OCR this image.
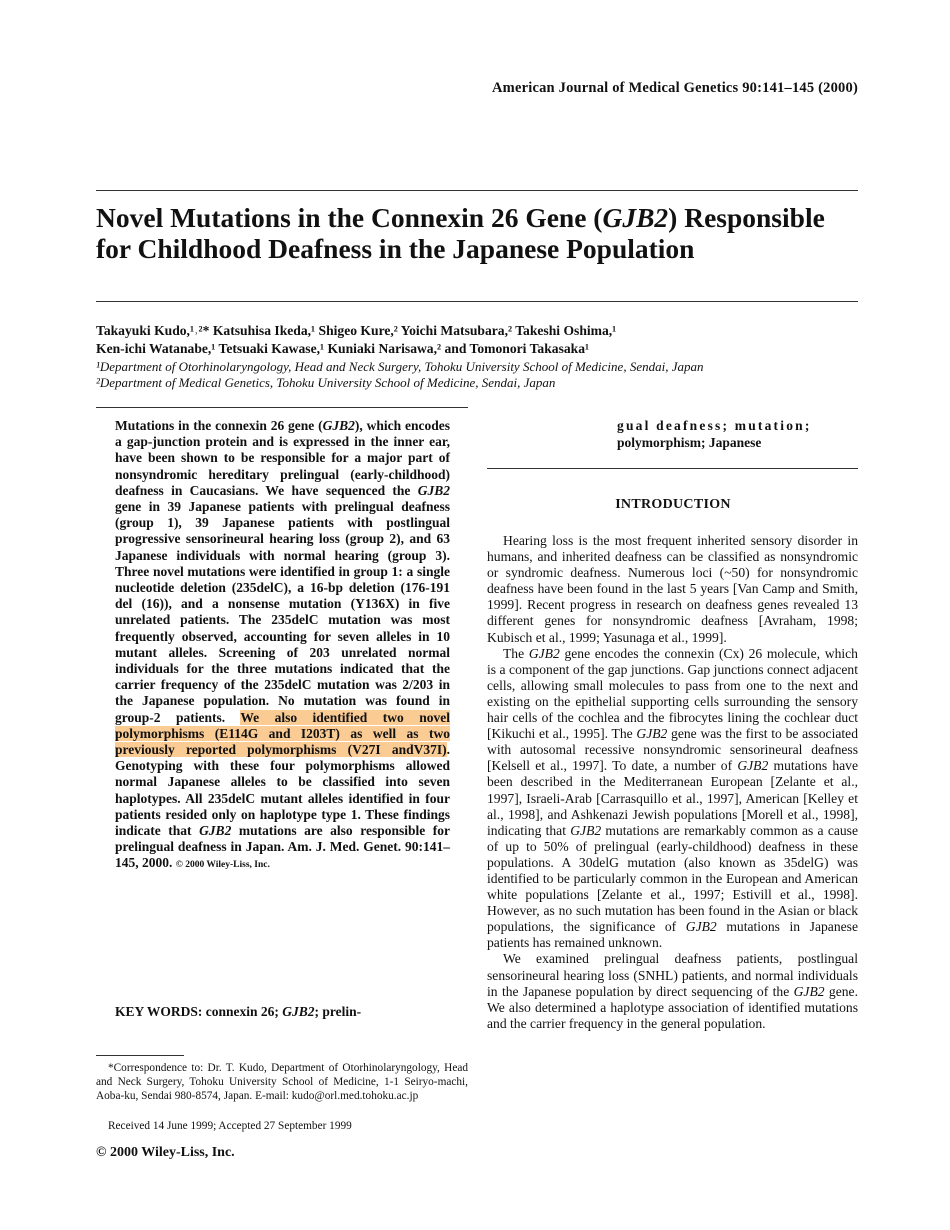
American Journal of Medical Genetics 90:141–145 (2000)
Novel Mutations in the Connexin 26 Gene (GJB2) Responsible for Childhood Deafness in the Japanese Population
Takayuki Kudo,¹˒²* Katsuhisa Ikeda,¹ Shigeo Kure,² Yoichi Matsubara,² Takeshi Oshima,¹
Ken-ichi Watanabe,¹ Tetsuaki Kawase,¹ Kuniaki Narisawa,² and Tomonori Takasaka¹
¹Department of Otorhinolaryngology, Head and Neck Surgery, Tohoku University School of Medicine, Sendai, Japan
²Department of Medical Genetics, Tohoku University School of Medicine, Sendai, Japan

Mutations in the connexin 26 gene (GJB2), which encodes a gap-junction protein and is expressed in the inner ear, have been shown to be responsible for a major part of nonsyndromic hereditary prelingual (early-childhood) deafness in Caucasians. We have sequenced the GJB2 gene in 39 Japanese patients with prelingual deafness (group 1), 39 Japanese patients with postlingual progressive sensorineural hearing loss (group 2), and 63 Japanese individuals with normal hearing (group 3). Three novel mutations were identified in group 1: a single nucleotide deletion (235delC), a 16-bp deletion (176-191 del (16)), and a nonsense mutation (Y136X) in five unrelated patients. The 235delC mutation was most frequently observed, accounting for seven alleles in 10 mutant alleles. Screening of 203 unrelated normal individuals for the three mutations indicated that the carrier frequency of the 235delC mutation was 2/203 in the Japanese population. No mutation was found in group-2 patients. We also identified two novel polymorphisms (E114G and I203T) as well as two previously reported polymorphisms (V27I andV37I). Genotyping with these four polymorphisms allowed normal Japanese alleles to be classified into seven haplotypes. All 235delC mutant alleles identified in four patients resided only on haplotype type 1. These findings indicate that GJB2 mutations are also responsible for prelingual deafness in Japan. Am. J. Med. Genet. 90:141–145, 2000. © 2000 Wiley-Liss, Inc.

KEY WORDS: connexin 26; GJB2; prelin-
gual deafness; mutation;
polymorphism; Japanese
INTRODUCTION

Hearing loss is the most frequent inherited sensory disorder in humans, and inherited deafness can be classified as nonsyndromic or syndromic deafness. Numerous loci (~50) for nonsyndromic deafness have been found in the last 5 years [Van Camp and Smith, 1999]. Recent progress in research on deafness genes revealed 13 different genes for nonsyndromic deafness [Avraham, 1998; Kubisch et al., 1999; Yasunaga et al., 1999].

The GJB2 gene encodes the connexin (Cx) 26 molecule, which is a component of the gap junctions. Gap junctions connect adjacent cells, allowing small molecules to pass from one to the next and existing on the epithelial supporting cells surrounding the sensory hair cells of the cochlea and the fibrocytes lining the cochlear duct [Kikuchi et al., 1995]. The GJB2 gene was the first to be associated with autosomal recessive nonsyndromic sensorineural deafness [Kelsell et al., 1997]. To date, a number of GJB2 mutations have been described in the Mediterranean European [Zelante et al., 1997], Israeli-Arab [Carrasquillo et al., 1997], American [Kelley et al., 1998], and Ashkenazi Jewish populations [Morell et al., 1998], indicating that GJB2 mutations are remarkably common as a cause of up to 50% of prelingual (early-childhood) deafness in these populations. A 30delG mutation (also known as 35delG) was identified to be particularly common in the European and American white populations [Zelante et al., 1997; Estivill et al., 1998]. However, as no such mutation has been found in the Asian or black populations, the significance of GJB2 mutations in Japanese patients has remained unknown.

We examined prelingual deafness patients, postlingual sensorineural hearing loss (SNHL) patients, and normal individuals in the Japanese population by direct sequencing of the GJB2 gene. We also determined a haplotype association of identified mutations and the carrier frequency in the general population.

*Correspondence to: Dr. T. Kudo, Department of Otorhinolaryngology, Head and Neck Surgery, Tohoku University School of Medicine, 1-1 Seiryo-machi, Aoba-ku, Sendai 980-8574, Japan. E-mail: kudo@orl.med.tohoku.ac.jp

Received 14 June 1999; Accepted 27 September 1999
© 2000 Wiley-Liss, Inc.
